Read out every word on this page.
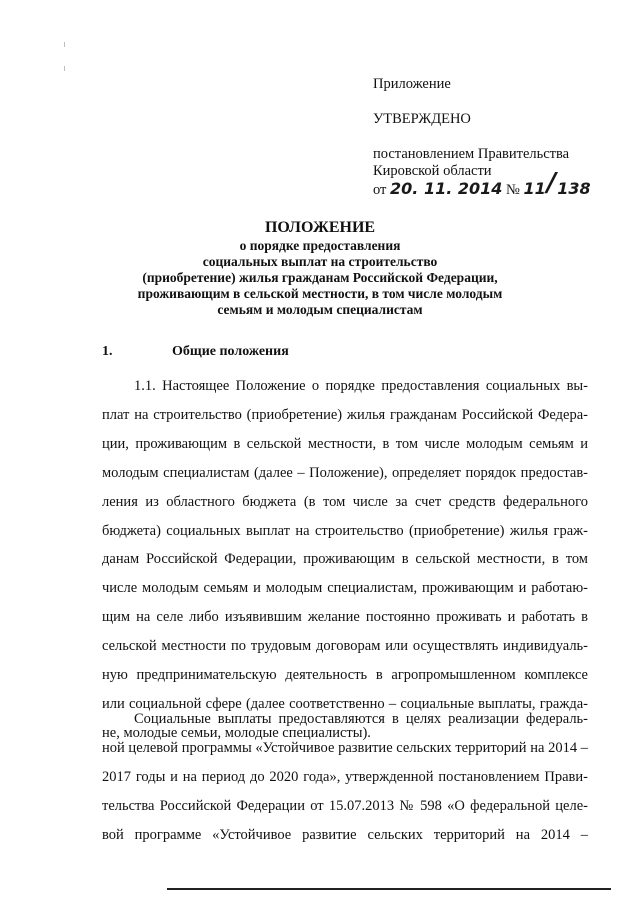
Приложение
УТВЕРЖДЕНО
постановлением Правительства
Кировской области
от 20. 11. 2014 № 11/138
ПОЛОЖЕНИЕ
о порядке предоставления
социальных выплат на строительство
(приобретение) жилья гражданам Российской Федерации,
проживающим в сельской местности, в том числе молодым
семьям и молодым специалистам
1.	Общие положения
1.1. Настоящее Положение о порядке предоставления социальных вы-
плат на строительство (приобретение) жилья гражданам Российской Федера-
ции, проживающим в сельской местности, в том числе молодым семьям и
молодым специалистам (далее – Положение), определяет порядок предостав-
ления из областного бюджета (в том числе за счет средств федерального
бюджета) социальных выплат на строительство (приобретение) жилья граж-
данам Российской Федерации, проживающим в сельской местности, в том
числе молодым семьям и молодым специалистам, проживающим и работаю-
щим на селе либо изъявившим желание постоянно проживать и работать в
сельской местности по трудовым договорам или осуществлять индивидуаль-
ную предпринимательскую деятельность в агропромышленном комплексе
или социальной сфере (далее соответственно – социальные выплаты, гражда-
не, молодые семьи, молодые специалисты).
Социальные выплаты предоставляются в целях реализации федераль-
ной целевой программы «Устойчивое развитие сельских территорий на 2014 –
2017 годы и на период до 2020 года», утвержденной постановлением Прави-
тельства Российской Федерации от 15.07.2013 № 598 «О федеральной целе-
вой программе «Устойчивое развитие сельских территорий на 2014 –
